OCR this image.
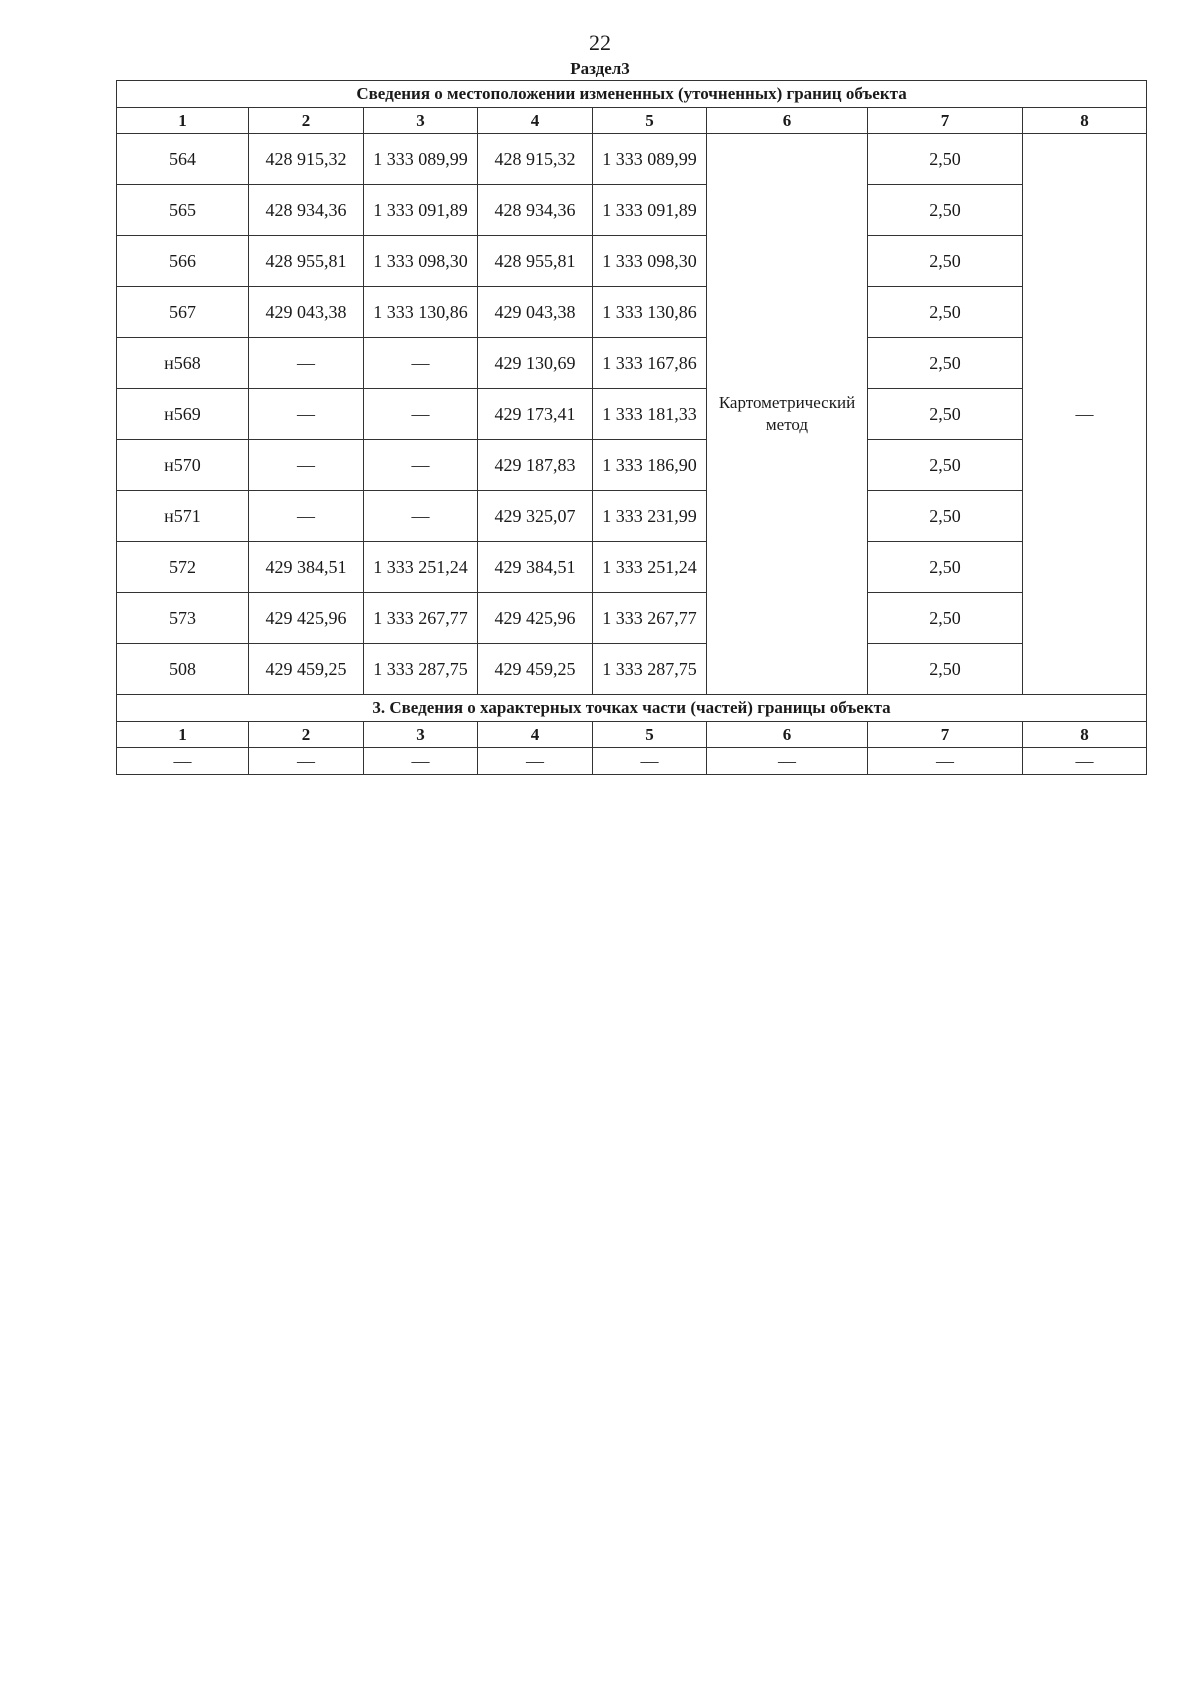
22
Раздел3
Сведения о местоположении измененных (уточненных) границ объекта							
1	2	3	4	5	6	7	8
564	428 915,32	1 333 089,99	428 915,32	1 333 089,99	Картометрический метод	2,50	—
565	428 934,36	1 333 091,89	428 934,36	1 333 091,89		2,50	
566	428 955,81	1 333 098,30	428 955,81	1 333 098,30		2,50	
567	429 043,38	1 333 130,86	429 043,38	1 333 130,86		2,50	
н568	—	—	429 130,69	1 333 167,86		2,50	
н569	—	—	429 173,41	1 333 181,33		2,50	
н570	—	—	429 187,83	1 333 186,90		2,50	
н571	—	—	429 325,07	1 333 231,99		2,50	
572	429 384,51	1 333 251,24	429 384,51	1 333 251,24		2,50	
573	429 425,96	1 333 267,77	429 425,96	1 333 267,77		2,50	
508	429 459,25	1 333 287,75	429 459,25	1 333 287,75		2,50	
3. Сведения о характерных точках части (частей) границы объекта							
1	2	3	4	5	6	7	8
—	—	—	—	—	—	—	—
